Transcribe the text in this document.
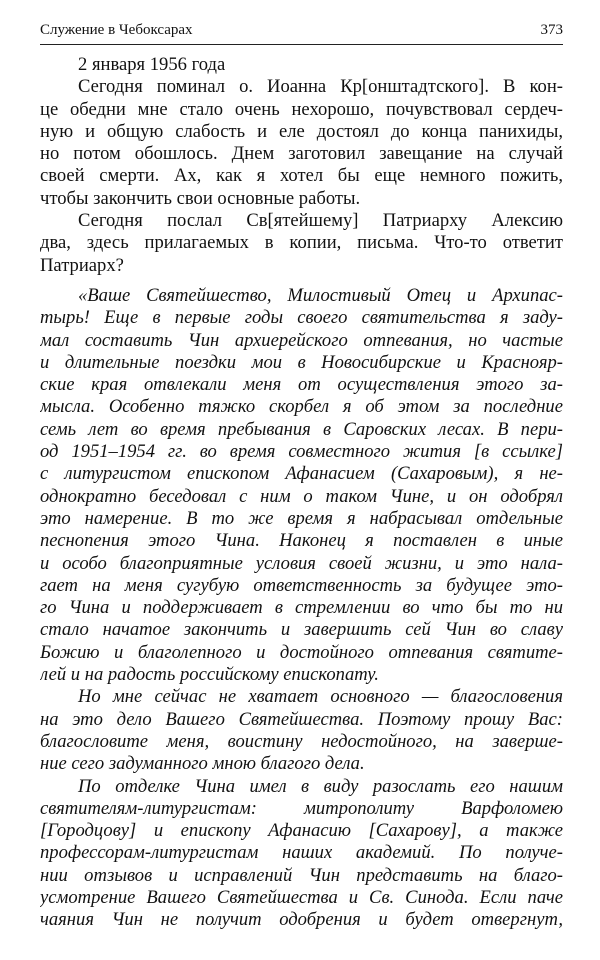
Служение в Чебоксарах	373
2 января 1956 года
Сегодня поминал о. Иоанна Кр[онштадтского]. В кон-
це обедни мне стало очень нехорошо, почувствовал сердеч-
ную и общую слабость и еле достоял до конца панихиды,
но потом обошлось. Днем заготовил завещание на случай
своей смерти. Ах, как я хотел бы еще немного пожить,
чтобы закончить свои основные работы.
Сегодня послал Св[ятейшему] Патриарху Алексию
два, здесь прилагаемых в копии, письма. Что-то ответит
Патриарх?
«Ваше Святейшество, Милостивый Отец и Архипас-
тырь! Еще в первые годы своего святительства я заду-
мал составить Чин архиерейского отпевания, но частые
и длительные поездки мои в Новосибирские и Краснояр-
ские края отвлекали меня от осуществления этого за-
мысла. Особенно тяжко скорбел я об этом за последние
семь лет во время пребывания в Саровских лесах. В пери-
од 1951–1954 гг. во время совместного жития [в ссылке]
с литургистом епископом Афанасием (Сахаровым), я не-
однократно беседовал с ним о таком Чине, и он одобрял
это намерение. В то же время я набрасывал отдельные
песнопения этого Чина. Наконец я поставлен в иные
и особо благоприятные условия своей жизни, и это нала-
гает на меня сугубую ответственность за будущее это-
го Чина и поддерживает в стремлении во что бы то ни
стало начатое закончить и завершить сей Чин во славу
Божию и благолепного и достойного отпевания святите-
лей и на радость российскому епископату.
Но мне сейчас не хватает основного — благословения
на это дело Вашего Святейшества. Поэтому прошу Вас:
благословите меня, воистину недостойного, на заверше-
ние сего задуманного мною благого дела.
По отделке Чина имел в виду разослать его нашим
святителям-литургистам: митрополиту Варфоломею
[Городцову] и епископу Афанасию [Сахарову], а также
профессорам-литургистам наших академий. По получе-
нии отзывов и исправлений Чин представить на благо-
усмотрение Вашего Святейшества и Св. Синода. Если паче
чаяния Чин не получит одобрения и будет отвергнут,
